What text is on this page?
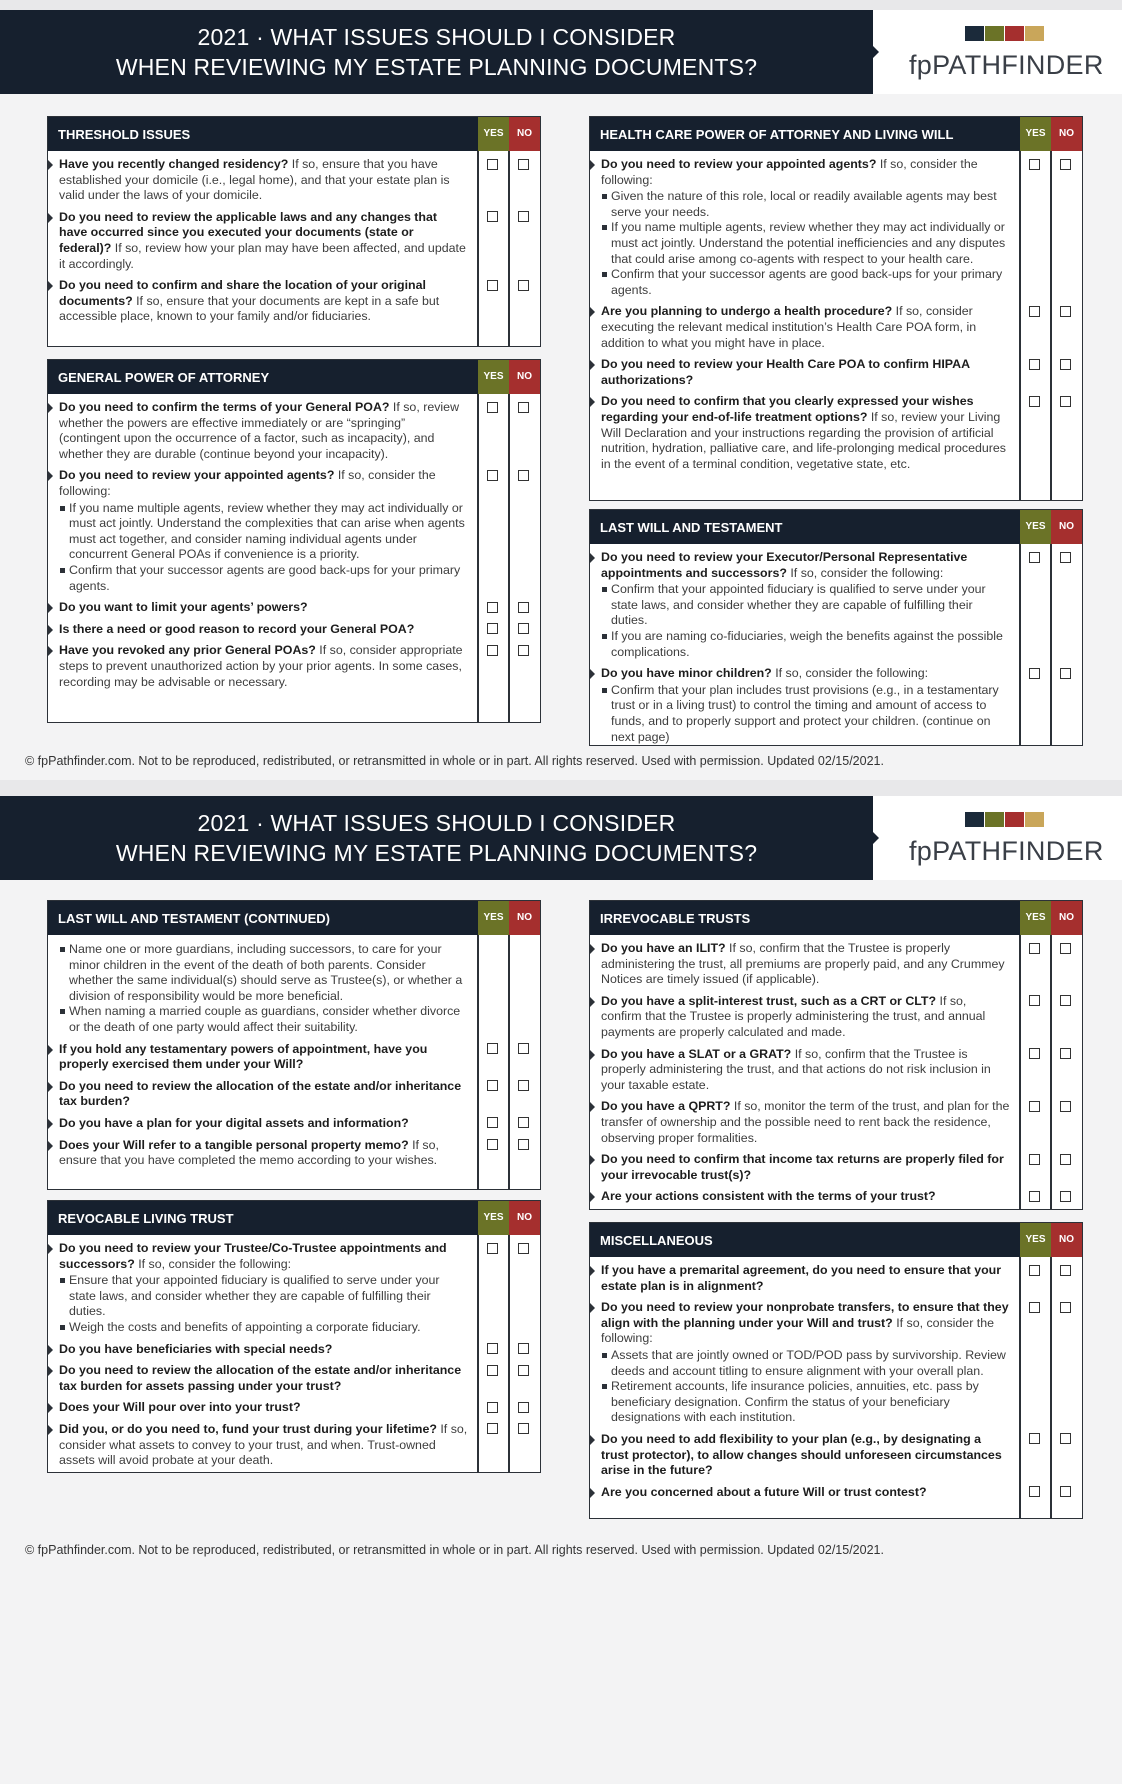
2021 · WHAT ISSUES SHOULD I CONSIDER
WHEN REVIEWING MY ESTATE PLANNING DOCUMENTS?	fpPATHFINDER
THRESHOLD ISSUES	YES	NO
Have you recently changed residency? If so, ensure that you have established your domicile (i.e., legal home), and that your estate plan is valid under the laws of your domicile.
Do you need to review the applicable laws and any changes that have occurred since you executed your documents (state or federal)? If so, review how your plan may have been affected, and update it accordingly.
Do you need to confirm and share the location of your original documents? If so, ensure that your documents are kept in a safe but accessible place, known to your family and/or fiduciaries.
GENERAL POWER OF ATTORNEY	YES	NO
Do you need to confirm the terms of your General POA? If so, review whether the powers are effective immediately or are “springing” (contingent upon the occurrence of a factor, such as incapacity), and whether they are durable (continue beyond your incapacity).
Do you need to review your appointed agents? If so, consider the following:
If you name multiple agents, review whether they may act individually or must act jointly. Understand the complexities that can arise when agents must act together, and consider naming individual agents under concurrent General POAs if convenience is a priority.
Confirm that your successor agents are good back-ups for your primary agents.
Do you want to limit your agents’ powers?
Is there a need or good reason to record your General POA?
Have you revoked any prior General POAs? If so, consider appropriate steps to prevent unauthorized action by your prior agents. In some cases, recording may be advisable or necessary.
HEALTH CARE POWER OF ATTORNEY AND LIVING WILL	YES	NO
Do you need to review your appointed agents? If so, consider the following:
Given the nature of this role, local or readily available agents may best serve your needs.
If you name multiple agents, review whether they may act individually or must act jointly. Understand the potential inefficiencies and any disputes that could arise among co-agents with respect to your health care.
Confirm that your successor agents are good back-ups for your primary agents.
Are you planning to undergo a health procedure? If so, consider executing the relevant medical institution’s Health Care POA form, in addition to what you might have in place.
Do you need to review your Health Care POA to confirm HIPAA authorizations?
Do you need to confirm that you clearly expressed your wishes regarding your end-of-life treatment options? If so, review your Living Will Declaration and your instructions regarding the provision of artificial nutrition, hydration, palliative care, and life-prolonging medical procedures in the event of a terminal condition, vegetative state, etc.
LAST WILL AND TESTAMENT	YES	NO
Do you need to review your Executor/Personal Representative appointments and successors? If so, consider the following:
Confirm that your appointed fiduciary is qualified to serve under your state laws, and consider whether they are capable of fulfilling their duties.
If you are naming co-fiduciaries, weigh the benefits against the possible complications.
Do you have minor children? If so, consider the following:
Confirm that your plan includes trust provisions (e.g., in a testamentary trust or in a living trust) to control the timing and amount of access to funds, and to properly support and protect your children. (continue on next page)
© fpPathfinder.com. Not to be reproduced, redistributed, or retransmitted in whole or in part. All rights reserved. Used with permission. Updated 02/15/2021.
2021 · WHAT ISSUES SHOULD I CONSIDER
WHEN REVIEWING MY ESTATE PLANNING DOCUMENTS?	fpPATHFINDER
LAST WILL AND TESTAMENT (CONTINUED)	YES	NO
Name one or more guardians, including successors, to care for your minor children in the event of the death of both parents. Consider whether the same individual(s) should serve as Trustee(s), or whether a division of responsibility would be more beneficial.
When naming a married couple as guardians, consider whether divorce or the death of one party would affect their suitability.
If you hold any testamentary powers of appointment, have you properly exercised them under your Will?
Do you need to review the allocation of the estate and/or inheritance tax burden?
Do you have a plan for your digital assets and information?
Does your Will refer to a tangible personal property memo? If so, ensure that you have completed the memo according to your wishes.
REVOCABLE LIVING TRUST	YES	NO
Do you need to review your Trustee/Co-Trustee appointments and successors? If so, consider the following:
Ensure that your appointed fiduciary is qualified to serve under your state laws, and consider whether they are capable of fulfilling their duties.
Weigh the costs and benefits of appointing a corporate fiduciary.
Do you have beneficiaries with special needs?
Do you need to review the allocation of the estate and/or inheritance tax burden for assets passing under your trust?
Does your Will pour over into your trust?
Did you, or do you need to, fund your trust during your lifetime? If so, consider what assets to convey to your trust, and when. Trust-owned assets will avoid probate at your death.
IRREVOCABLE TRUSTS	YES	NO
Do you have an ILIT? If so, confirm that the Trustee is properly administering the trust, all premiums are properly paid, and any Crummey Notices are timely issued (if applicable).
Do you have a split-interest trust, such as a CRT or CLT? If so, confirm that the Trustee is properly administering the trust, and annual payments are properly calculated and made.
Do you have a SLAT or a GRAT? If so, confirm that the Trustee is properly administering the trust, and that actions do not risk inclusion in your taxable estate.
Do you have a QPRT? If so, monitor the term of the trust, and plan for the transfer of ownership and the possible need to rent back the residence, observing proper formalities.
Do you need to confirm that income tax returns are properly filed for your irrevocable trust(s)?
Are your actions consistent with the terms of your trust?
MISCELLANEOUS	YES	NO
If you have a premarital agreement, do you need to ensure that your estate plan is in alignment?
Do you need to review your nonprobate transfers, to ensure that they align with the planning under your Will and trust? If so, consider the following:
Assets that are jointly owned or TOD/POD pass by survivorship. Review deeds and account titling to ensure alignment with your overall plan.
Retirement accounts, life insurance policies, annuities, etc. pass by beneficiary designation. Confirm the status of your beneficiary designations with each institution.
Do you need to add flexibility to your plan (e.g., by designating a trust protector), to allow changes should unforeseen circumstances arise in the future?
Are you concerned about a future Will or trust contest?
© fpPathfinder.com. Not to be reproduced, redistributed, or retransmitted in whole or in part. All rights reserved. Used with permission. Updated 02/15/2021.
